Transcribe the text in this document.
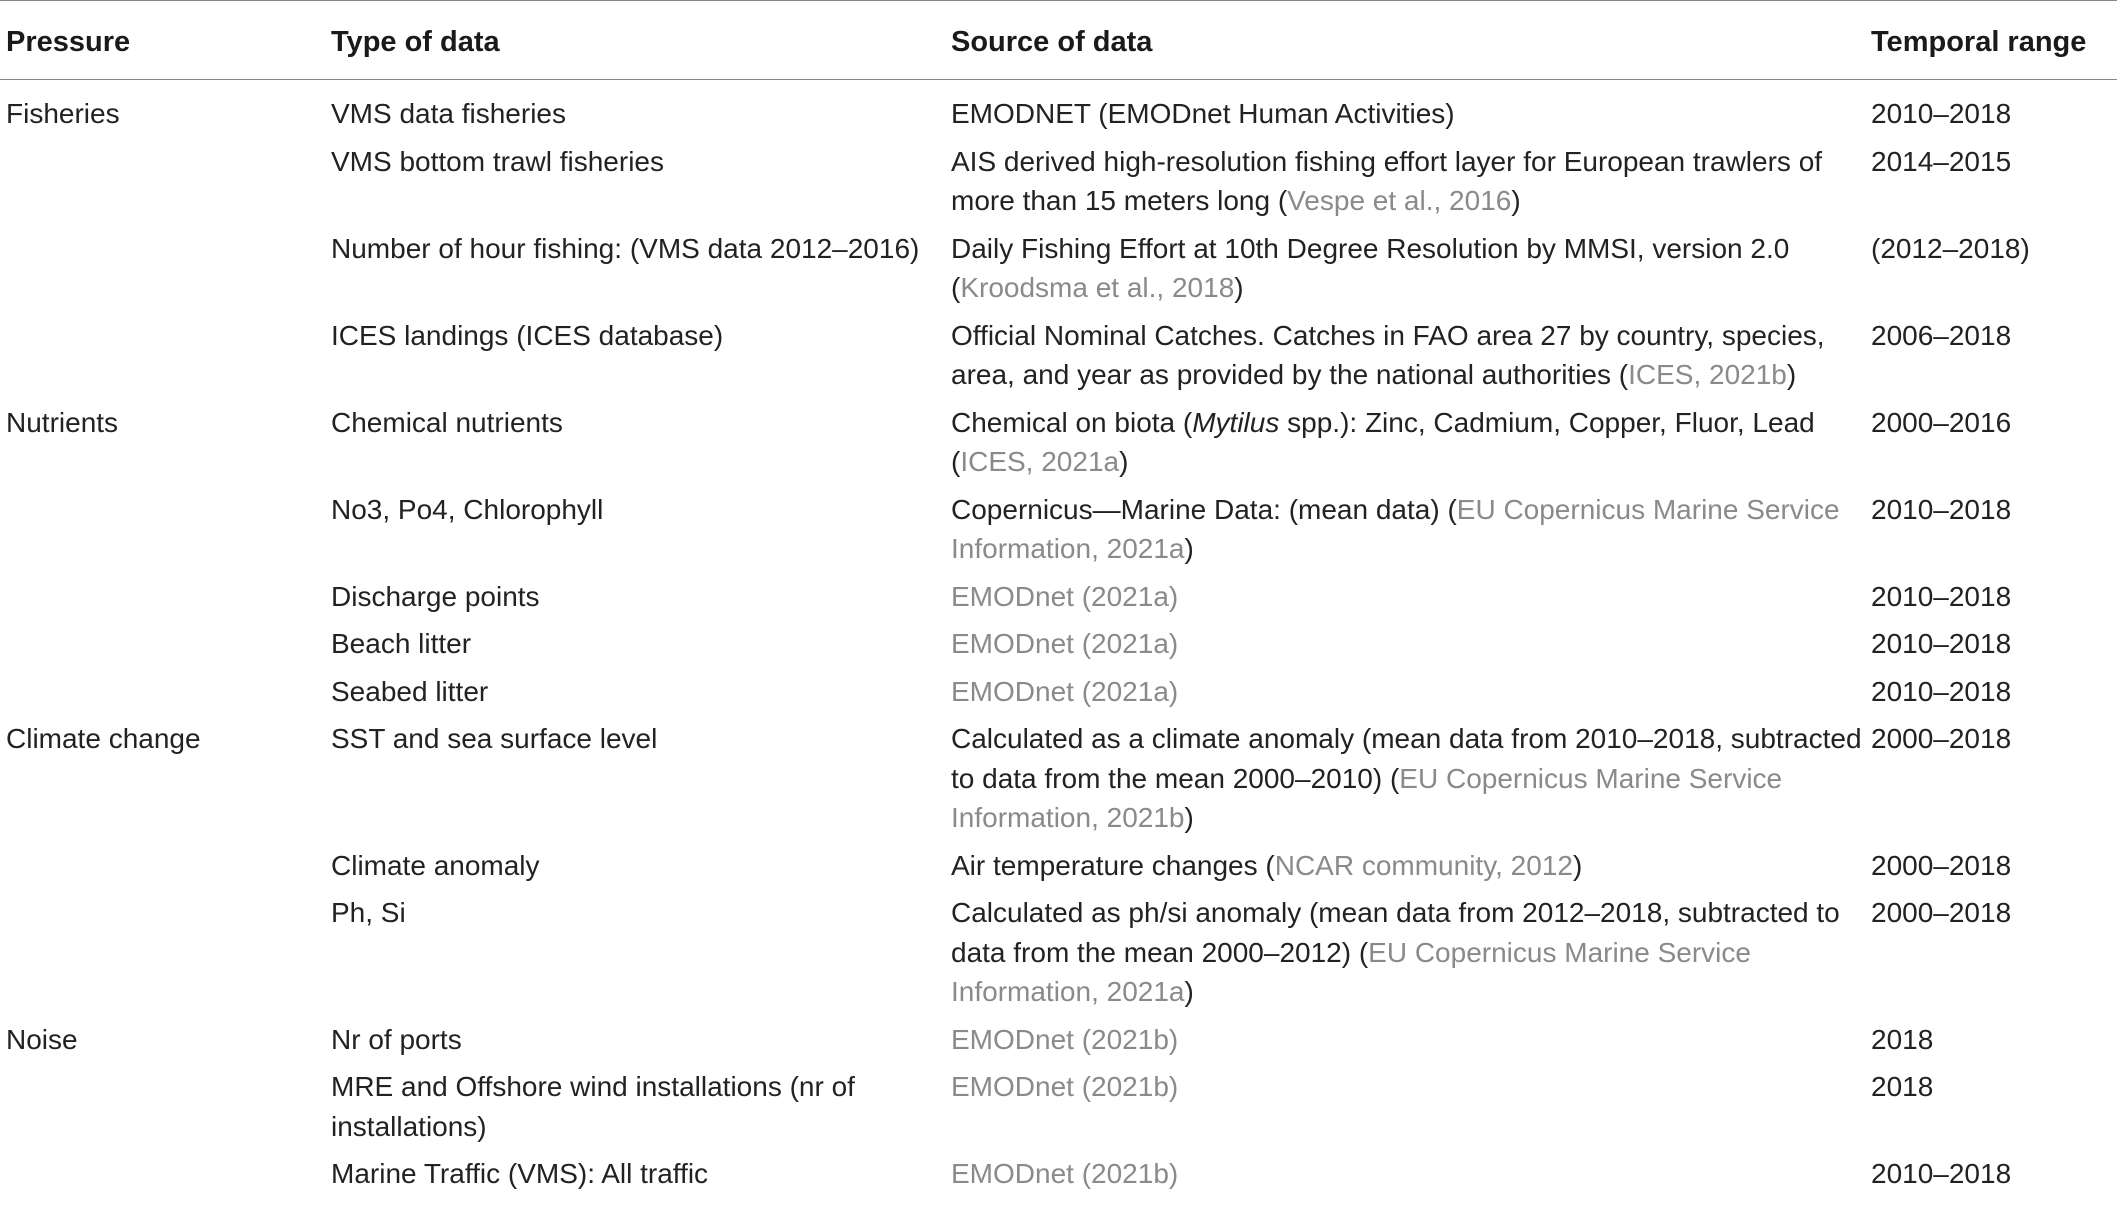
Pressure	Type of data	Source of data	Temporal range
Fisheries	VMS data fisheries	EMODNET (EMODnet Human Activities)	2010–2018
	VMS bottom trawl fisheries	AIS derived high-resolution fishing effort layer for European trawlers of more than 15 meters long (Vespe et al., 2016)	2014–2015
	Number of hour fishing: (VMS data 2012–2016)	Daily Fishing Effort at 10th Degree Resolution by MMSI, version 2.0 (Kroodsma et al., 2018)	(2012–2018)
	ICES landings (ICES database)	Official Nominal Catches. Catches in FAO area 27 by country, species, area, and year as provided by the national authorities (ICES, 2021b)	2006–2018
Nutrients	Chemical nutrients	Chemical on biota (Mytilus spp.): Zinc, Cadmium, Copper, Fluor, Lead (ICES, 2021a)	2000–2016
	No3, Po4, Chlorophyll	Copernicus—Marine Data: (mean data) (EU Copernicus Marine Service Information, 2021a)	2010–2018
	Discharge points	EMODnet (2021a)	2010–2018
	Beach litter	EMODnet (2021a)	2010–2018
	Seabed litter	EMODnet (2021a)	2010–2018
Climate change	SST and sea surface level	Calculated as a climate anomaly (mean data from 2010–2018, subtracted to data from the mean 2000–2010) (EU Copernicus Marine Service Information, 2021b)	2000–2018
	Climate anomaly	Air temperature changes (NCAR community, 2012)	2000–2018
	Ph, Si	Calculated as ph/si anomaly (mean data from 2012–2018, subtracted to data from the mean 2000–2012) (EU Copernicus Marine Service Information, 2021a)	2000–2018
Noise	Nr of ports	EMODnet (2021b)	2018
	MRE and Offshore wind installations (nr of installations)	EMODnet (2021b)	2018
	Marine Traffic (VMS): All traffic	EMODnet (2021b)	2010–2018
